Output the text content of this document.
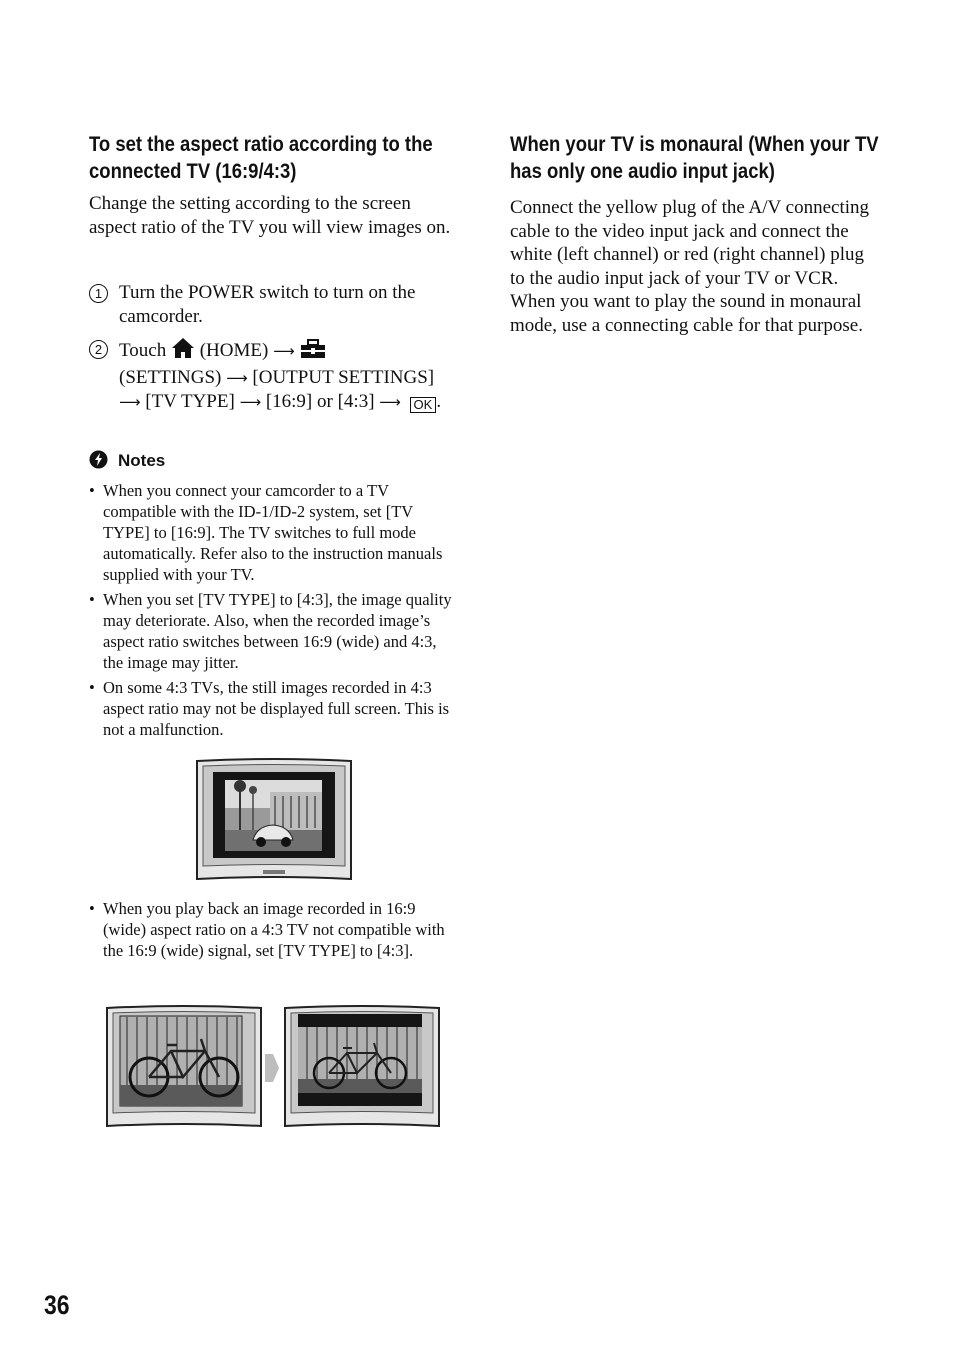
To set the aspect ratio according to the connected TV (16:9/4:3)

Change the setting according to the screen aspect ratio of the TV you will view images on.

1 Turn the POWER switch to turn on the camcorder.
2 Touch (HOME) ⟶
(SETTINGS) ⟶ [OUTPUT SETTINGS] ⟶ [TV TYPE] ⟶ [16:9] or [4:3] ⟶ OK .
Notes
• When you connect your camcorder to a TV compatible with the ID-1/ID-2 system, set [TV TYPE] to [16:9]. The TV switches to full mode automatically. Refer also to the instruction manuals supplied with your TV.
• When you set [TV TYPE] to [4:3], the image quality may deteriorate. Also, when the recorded image’s aspect ratio switches between 16:9 (wide) and 4:3, the image may jitter.
• On some 4:3 TVs, the still images recorded in 4:3 aspect ratio may not be displayed full screen. This is not a malfunction.
• When you play back an image recorded in 16:9 (wide) aspect ratio on a 4:3 TV not compatible with the 16:9 (wide) signal, set [TV TYPE] to [4:3].
When your TV is monaural (When your TV has only one audio input jack)

Connect the yellow plug of the A/V connecting cable to the video input jack and connect the white (left channel) or red (right channel) plug to the audio input jack of your TV or VCR. When you want to play the sound in monaural mode, use a connecting cable for that purpose.

36
